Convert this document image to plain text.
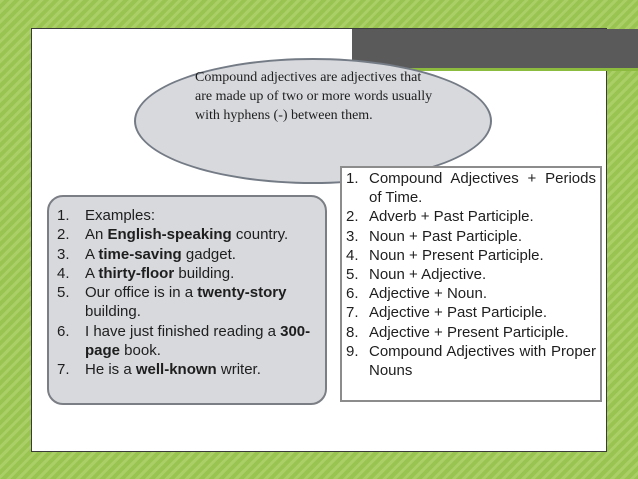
Compound adjectives are adjectives that are made up of two or more words usually with hyphens (-) between them.
1.	Examples:
2.	An English-speaking country.
3.	A time-saving gadget.
4.	A thirty-floor building.
5.	Our office is in a twenty-story building.
6.	I have just finished reading a 300-page book.
7.	He is a well-known writer.
1. Compound Adjectives + Periods of Time.
2. Adverb + Past Participle.
3. Noun + Past Participle.
4. Noun + Present Participle.
5. Noun + Adjective.
6. Adjective + Noun.
7. Adjective + Past Participle.
8. Adjective + Present Participle.
9. Compound Adjectives with Proper Nouns
